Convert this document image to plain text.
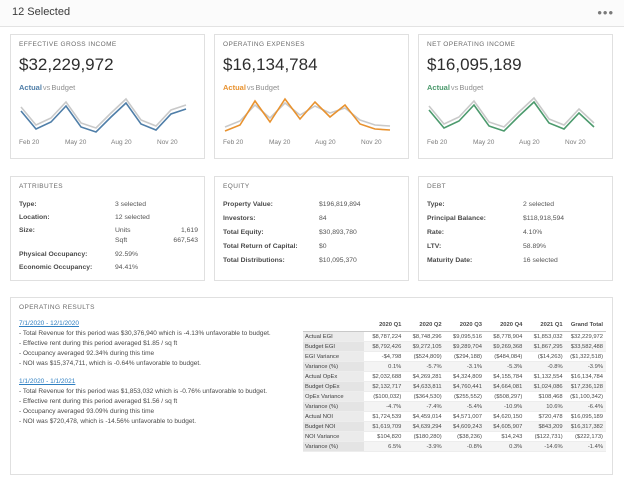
12 Selected	•••
EFFECTIVE GROSS INCOME
$32,229,972
ActualvsBudget
Feb 20	May 20	Aug 20	Nov 20
OPERATING EXPENSES
$16,134,784
ActualvsBudget
Feb 20	May 20	Aug 20	Nov 20
NET OPERATING INCOME
$16,095,189
ActualvsBudget
Feb 20	May 20	Aug 20	Nov 20
ATTRIBUTES
Type:	3 selected
Location:	12 selected
Size:	Units	1,619
Sqft	667,543
Physical Occupancy:	92.59%
Economic Occupancy:	94.41%
EQUITY
Property Value:	$196,819,894
Investors:	84
Total Equity:	$30,893,780
Total Return of Capital:	$0
Total Distributions:	$10,095,370
DEBT
Type:	2 selected
Principal Balance:	$118,918,594
Rate:	4.10%
LTV:	58.89%
Maturity Date:	16 selected
OPERATING RESULTS
7/1/2020 - 12/1/2020
- Total Revenue for this period was $30,376,940 which is -4.13% unfavorable to budget.
- Effective rent during this period averaged $1.85 / sq ft
- Occupancy averaged 92.34% during this time
- NOI was $15,374,711, which is -0.64% unfavorable to budget.
1/1/2020 - 1/1/2021
- Total Revenue for this period was $1,853,032 which is -0.76% unfavorable to budget.
- Effective rent during this period averaged $1.56 / sq ft
- Occupancy averaged 93.09% during this time
- NOI was $720,478, which is -14.56% unfavorable to budget.
	2020 Q1	2020 Q2	2020 Q3	2020 Q4	2021 Q1	Grand Total
Actual EGI	$8,787,224	$8,748,296	$9,095,516	$8,778,904	$1,853,032	$32,229,972
Budget EGI	$8,792,426	$9,272,105	$9,289,704	$9,269,368	$1,867,295	$33,582,488
EGI Variance	-$4,798	($524,809)	($294,188)	($484,084)	($14,263)	($1,322,518)
Variance (%)	0.1%	-5.7%	-3.1%	-5.3%	-0.8%	-3.9%
Actual OpEx	$2,032,688	$4,269,281	$4,324,809	$4,155,784	$1,132,554	$16,134,784
Budget OpEx	$2,132,717	$4,633,811	$4,760,441	$4,664,081	$1,024,086	$17,236,128
OpEx Variance	($100,032)	($364,530)	($255,552)	($508,297)	$108,468	($1,100,342)
Variance (%)	-4.7%	-7.4%	-5.4%	-10.9%	10.6%	-6.4%
Actual NOI	$1,724,539	$4,459,014	$4,571,007	$4,620,150	$720,478	$16,095,189
Budget NOI	$1,619,709	$4,639,294	$4,609,243	$4,605,907	$843,209	$16,317,382
NOI Variance	$104,820	($180,280)	($38,236)	$14,243	($122,731)	($222,173)
Variance (%)	6.5%	-3.9%	-0.8%	0.3%	-14.6%	-1.4%
